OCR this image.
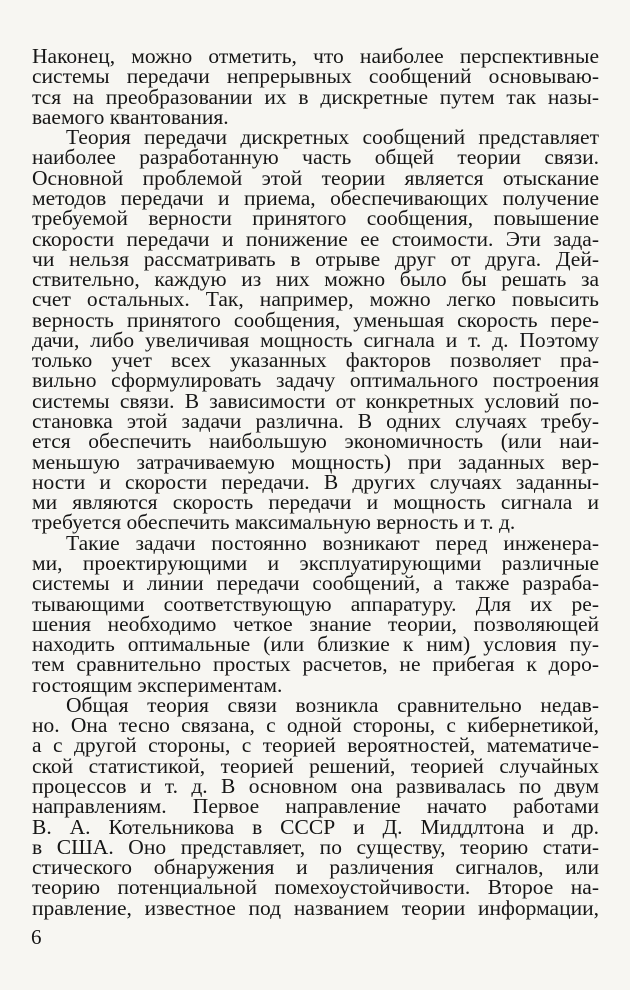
6
Наконец, можно отметить, что наиболее перспективные
системы передачи непрерывных сообщений основываю-
тся на преобразовании их в дискретные путем так назы-
ваемого квантования.
Теория передачи дискретных сообщений представляет
наиболее разработанную часть общей теории связи.
Основной проблемой этой теории является отыскание
методов передачи и приема, обеспечивающих получение
требуемой верности принятого сообщения, повышение
скорости передачи и понижение ее стоимости. Эти зада-
чи нельзя рассматривать в отрыве друг от друга. Дей-
ствительно, каждую из них можно было бы решать за
счет остальных. Так, например, можно легко повысить
верность принятого сообщения, уменьшая скорость пере-
дачи, либо увеличивая мощность сигнала и т. д. Поэтому
только учет всех указанных факторов позволяет пра-
вильно сформулировать задачу оптимального построения
системы связи. В зависимости от конкретных условий по-
становка этой задачи различна. В одних случаях требу-
ется обеспечить наибольшую экономичность (или наи-
меньшую затрачиваемую мощность) при заданных вер-
ности и скорости передачи. В других случаях заданны-
ми являются скорость передачи и мощность сигнала и
требуется обеспечить максимальную верность и т. д.
Такие задачи постоянно возникают перед инженера-
ми, проектирующими и эксплуатирующими различные
системы и линии передачи сообщений, а также разраба-
тывающими соответствующую аппаратуру. Для их ре-
шения необходимо четкое знание теории, позволяющей
находить оптимальные (или близкие к ним) условия пу-
тем сравнительно простых расчетов, не прибегая к доро-
гостоящим экспериментам.
Общая теория связи возникла сравнительно недав-
но. Она тесно связана, с одной стороны, с кибернетикой,
а с другой стороны, с теорией вероятностей, математиче-
ской статистикой, теорией решений, теорией случайных
процессов и т. д. В основном она развивалась по двум
направлениям. Первое направление начато работами
В. А. Котельникова в СССР и Д. Миддлтона и др.
в США. Оно представляет, по существу, теорию стати-
стического обнаружения и различения сигналов, или
теорию потенциальной помехоустойчивости. Второе на-
правление, известное под названием теории информации,
